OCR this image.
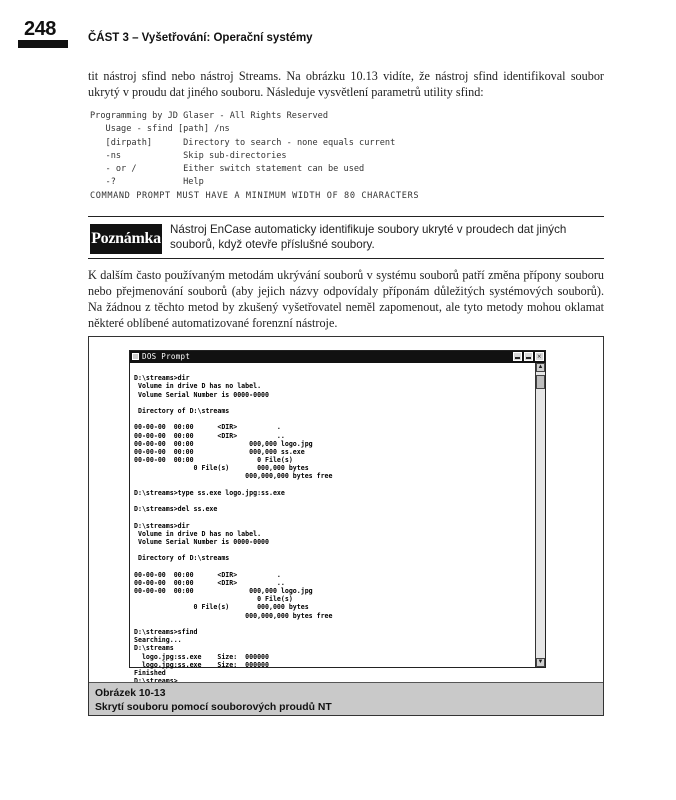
248	ČÁST 3 – Vyšetřování: Operační systémy

tit nástroj sfind nebo nástroj Streams. Na obrázku 10.13 vidíte, že nástroj sfind identifikoval soubor ukrytý v proudu dat jiného souboru. Následuje vysvětlení parametrů utility sfind:

Programming by JD Glaser - All Rights Reserved
Usage - sfind [path] /ns
[dirpath]      Directory to search - none equals current
-ns            Skip sub-directories
- or /         Either switch statement can be used
-?             Help
COMMAND PROMPT MUST HAVE A MINIMUM WIDTH OF 80 CHARACTERS
Poznámka
Nástroj EnCase automaticky identifikuje soubory ukryté v proudech dat jiných souborů, když otevře příslušné soubory.

K dalším často používaným metodám ukrývání souborů v systému souborů patří změna přípony souboru nebo přejmenování souborů (aby jejich názvy odpovídaly příponám důležitých systémových souborů). Na žádnou z těchto metod by zkušený vyšetřovatel neměl zapomenout, ale tyto metody mohou oklamat některé oblíbené automatizované forenzní nástroje.

DOS Prompt
×
D:\streams>dir
Volume in drive D has no label.
Volume Serial Number is 0000-0000
Directory of D:\streams
00-00-00  00:00      <DIR>          .
00-00-00  00:00      <DIR>          ..
00-00-00  00:00              000,000 logo.jpg
00-00-00  00:00              000,000 ss.exe
00-00-00  00:00                0 File(s)
0 File(s)       000,000 bytes
000,000,000 bytes free
D:\streams>type ss.exe logo.jpg:ss.exe
D:\streams>del ss.exe
D:\streams>dir
Volume in drive D has no label.
Volume Serial Number is 0000-0000
Directory of D:\streams
00-00-00  00:00      <DIR>          .
00-00-00  00:00      <DIR>          ..
00-00-00  00:00              000,000 logo.jpg
0 File(s)
0 File(s)       000,000 bytes
000,000,000 bytes free
D:\streams>sfind
Searching...
D:\streams
logo.jpg:ss.exe    Size:  000000
logo.jpg:ss.exe    Size:  000000
Finished
▲
▼
Obrázek 10-13
Skrytí souboru pomocí souborových proudů NT
